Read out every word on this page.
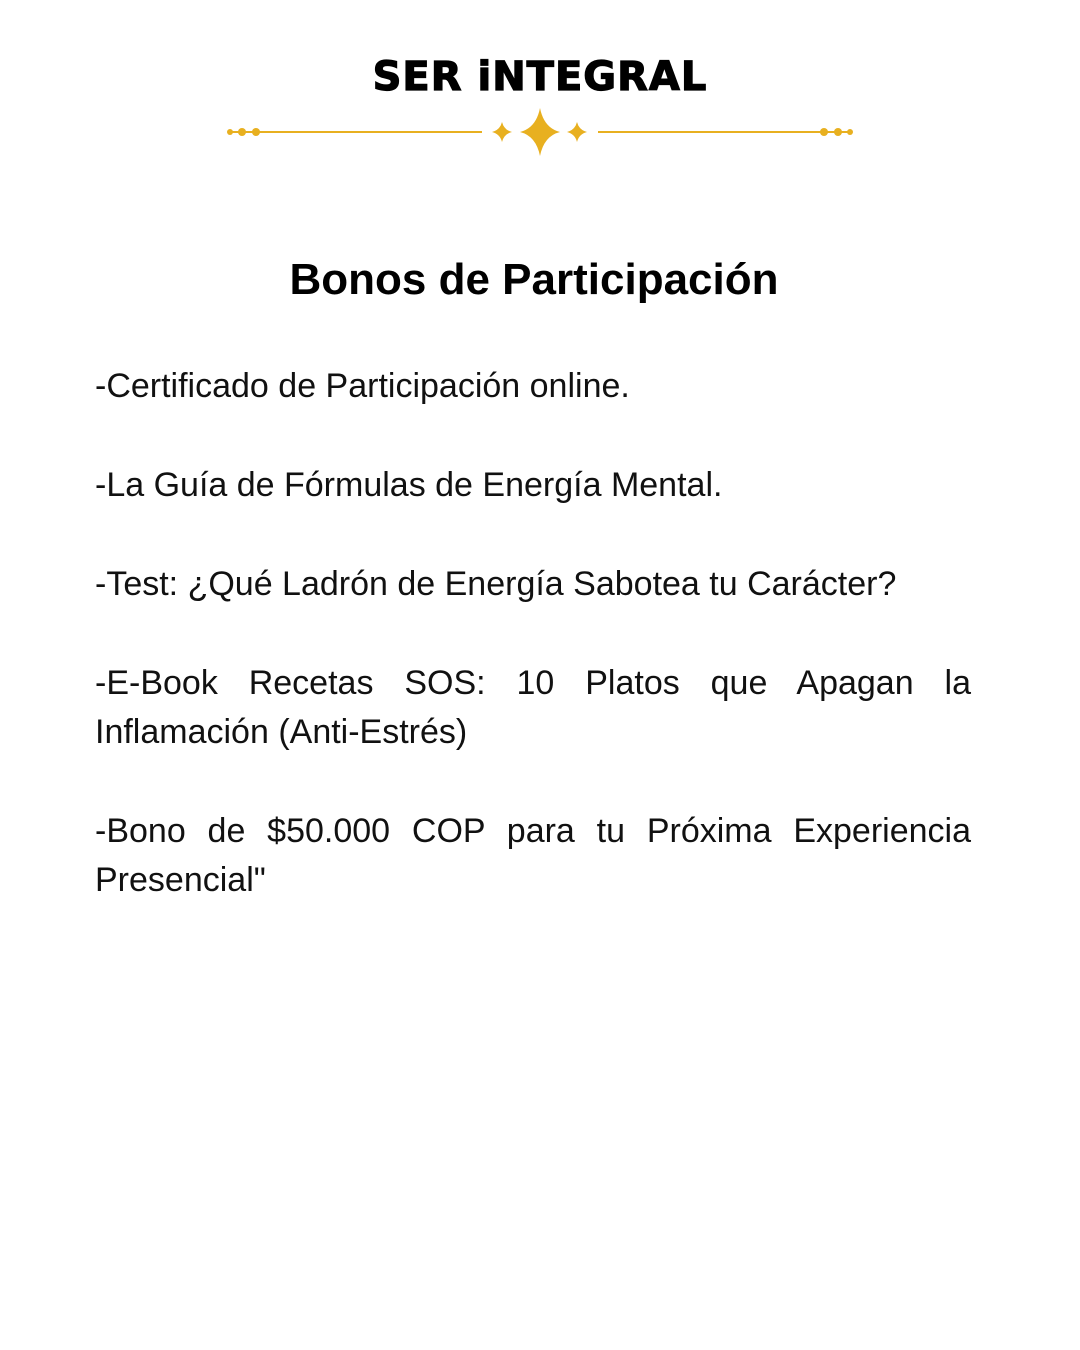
SER iNTEGRAL
Bonos de Participación
-Certificado de Participación online.
-La Guía de Fórmulas de Energía Mental.
-Test: ¿Qué Ladrón de Energía Sabotea tu Carácter?
-E-Book Recetas SOS: 10 Platos que Apagan la Inflamación (Anti-Estrés)
-Bono de $50.000 COP para tu Próxima Experiencia Presencial"
